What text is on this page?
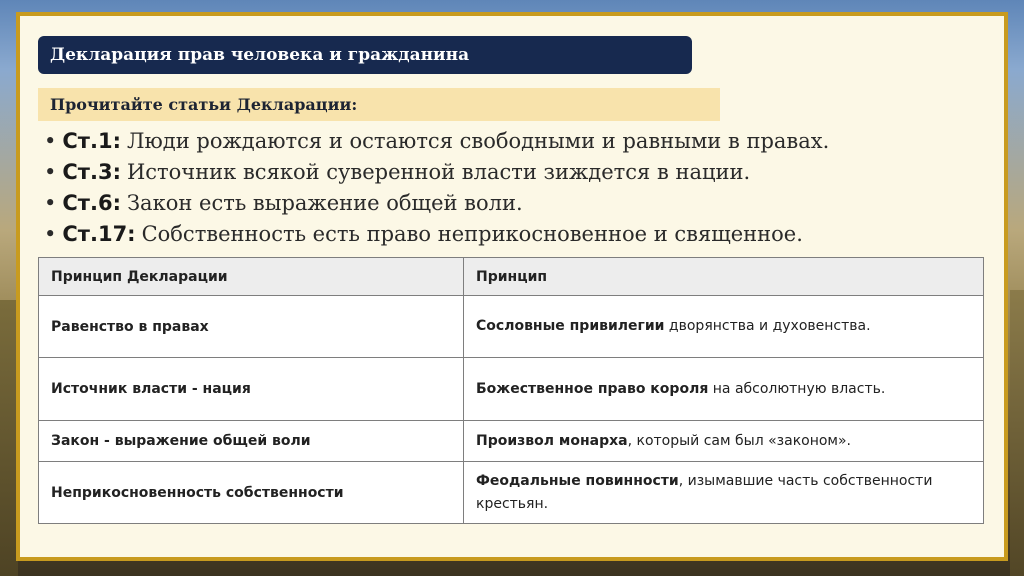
Декларация прав человека и гражданина
Прочитайте статьи Декларации:
• Ст.1: Люди рождаются и остаются свободными и равными в правах.
• Ст.3: Источник всякой суверенной власти зиждется в нации.
• Ст.6: Закон есть выражение общей воли.
• Ст.17: Собственность есть право неприкосновенное и священное.
Принцип Декларации	Принцип
Равенство в правах	Сословные привилегии дворянства и духовенства.
Источник власти - нация	Божественное право короля на абсолютную власть.
Закон - выражение общей воли	Произвол монарха, который сам был «законом».
Неприкосновенность собственности	Феодальные повинности, изымавшие часть собственности крестьян.
